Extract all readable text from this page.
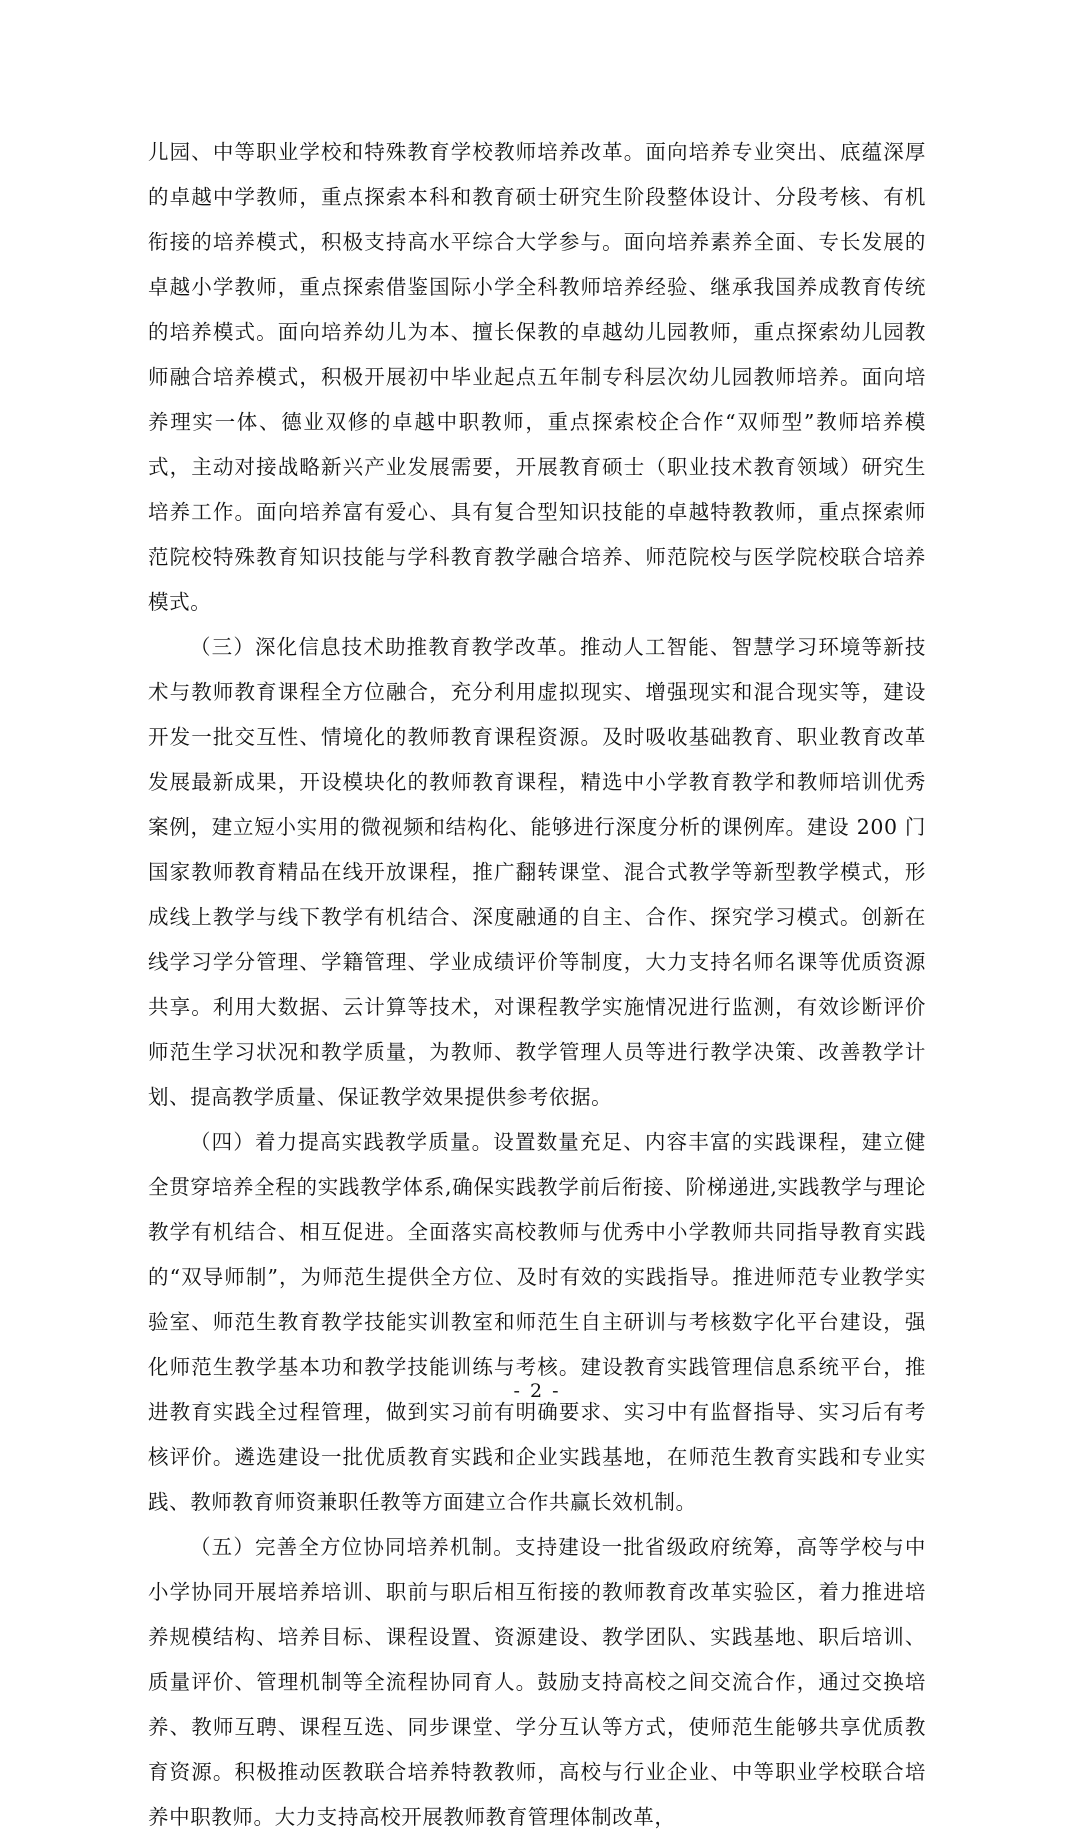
儿园、中等职业学校和特殊教育学校教师培养改革。面向培养专业突出、底蕴深厚的卓越中学教师，重点探索本科和教育硕士研究生阶段整体设计、分段考核、有机衔接的培养模式，积极支持高水平综合大学参与。面向培养素养全面、专长发展的卓越小学教师，重点探索借鉴国际小学全科教师培养经验、继承我国养成教育传统的培养模式。面向培养幼儿为本、擅长保教的卓越幼儿园教师，重点探索幼儿园教师融合培养模式，积极开展初中毕业起点五年制专科层次幼儿园教师培养。面向培养理实一体、德业双修的卓越中职教师，重点探索校企合作“双师型”教师培养模式，主动对接战略新兴产业发展需要，开展教育硕士（职业技术教育领域）研究生培养工作。面向培养富有爱心、具有复合型知识技能的卓越特教教师，重点探索师范院校特殊教育知识技能与学科教育教学融合培养、师范院校与医学院校联合培养模式。

（三）深化信息技术助推教育教学改革。推动人工智能、智慧学习环境等新技术与教师教育课程全方位融合，充分利用虚拟现实、增强现实和混合现实等，建设开发一批交互性、情境化的教师教育课程资源。及时吸收基础教育、职业教育改革发展最新成果，开设模块化的教师教育课程，精选中小学教育教学和教师培训优秀案例，建立短小实用的微视频和结构化、能够进行深度分析的课例库。建设 200 门国家教师教育精品在线开放课程，推广翻转课堂、混合式教学等新型教学模式，形成线上教学与线下教学有机结合、深度融通的自主、合作、探究学习模式。创新在线学习学分管理、学籍管理、学业成绩评价等制度，大力支持名师名课等优质资源共享。利用大数据、云计算等技术，对课程教学实施情况进行监测，有效诊断评价师范生学习状况和教学质量，为教师、教学管理人员等进行教学决策、改善教学计划、提高教学质量、保证教学效果提供参考依据。

（四）着力提高实践教学质量。设置数量充足、内容丰富的实践课程，建立健全贯穿培养全程的实践教学体系,确保实践教学前后衔接、阶梯递进,实践教学与理论教学有机结合、相互促进。全面落实高校教师与优秀中小学教师共同指导教育实践的“双导师制”，为师范生提供全方位、及时有效的实践指导。推进师范专业教学实验室、师范生教育教学技能实训教室和师范生自主研训与考核数字化平台建设，强化师范生教学基本功和教学技能训练与考核。建设教育实践管理信息系统平台，推进教育实践全过程管理，做到实习前有明确要求、实习中有监督指导、实习后有考核评价。遴选建设一批优质教育实践和企业实践基地，在师范生教育实践和专业实践、教师教育师资兼职任教等方面建立合作共赢长效机制。

（五）完善全方位协同培养机制。支持建设一批省级政府统筹，高等学校与中小学协同开展培养培训、职前与职后相互衔接的教师教育改革实验区，着力推进培养规模结构、培养目标、课程设置、资源建设、教学团队、实践基地、职后培训、质量评价、管理机制等全流程协同育人。鼓励支持高校之间交流合作，通过交换培养、教师互聘、课程互选、同步课堂、学分互认等方式，使师范生能够共享优质教育资源。积极推动医教联合培养特教教师，高校与行业企业、中等职业学校联合培养中职教师。大力支持高校开展教师教育管理体制改革，

- 2 -
